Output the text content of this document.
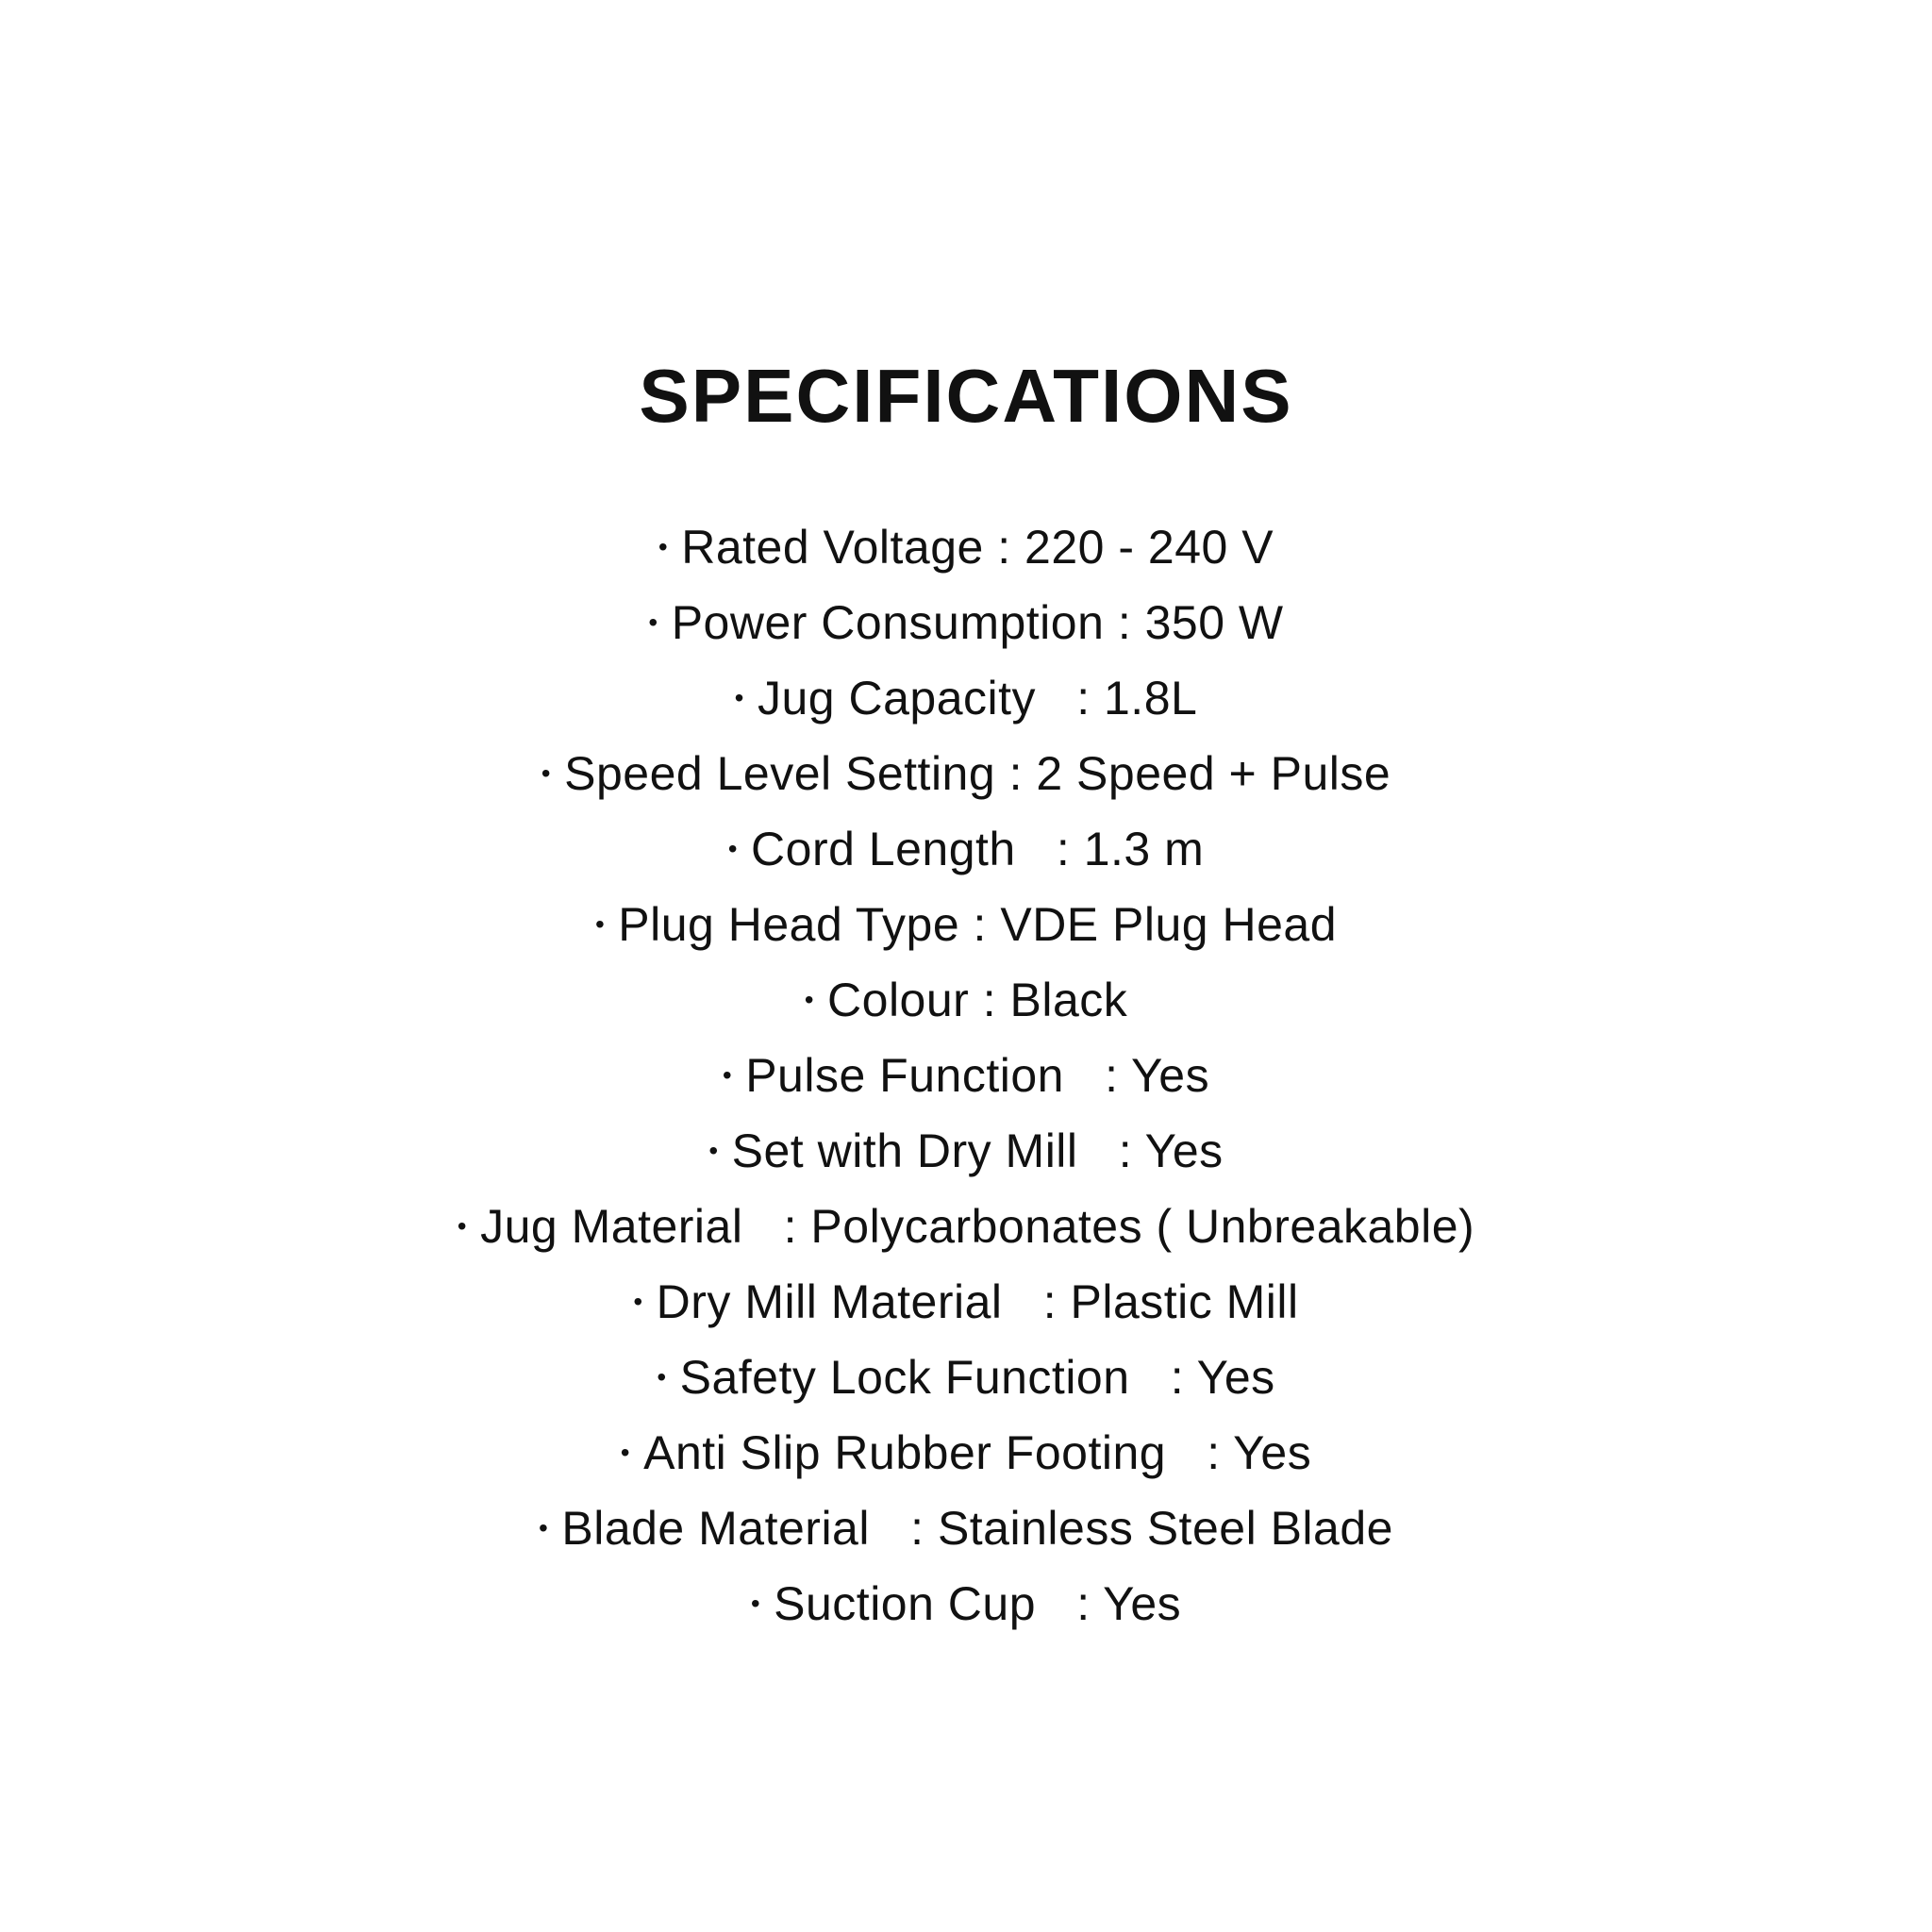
SPECIFICATIONS
• Rated Voltage : 220 - 240 V
• Power Consumption : 350 W
• Jug Capacity   : 1.8L
• Speed Level Setting : 2 Speed + Pulse
• Cord Length   : 1.3 m
• Plug Head Type : VDE Plug Head
• Colour : Black
• Pulse Function   : Yes
• Set with Dry Mill   : Yes
• Jug Material   : Polycarbonates ( Unbreakable)
• Dry Mill Material   : Plastic Mill
• Safety Lock Function   : Yes
• Anti Slip Rubber Footing   : Yes
• Blade Material   : Stainless Steel Blade
• Suction Cup   : Yes
